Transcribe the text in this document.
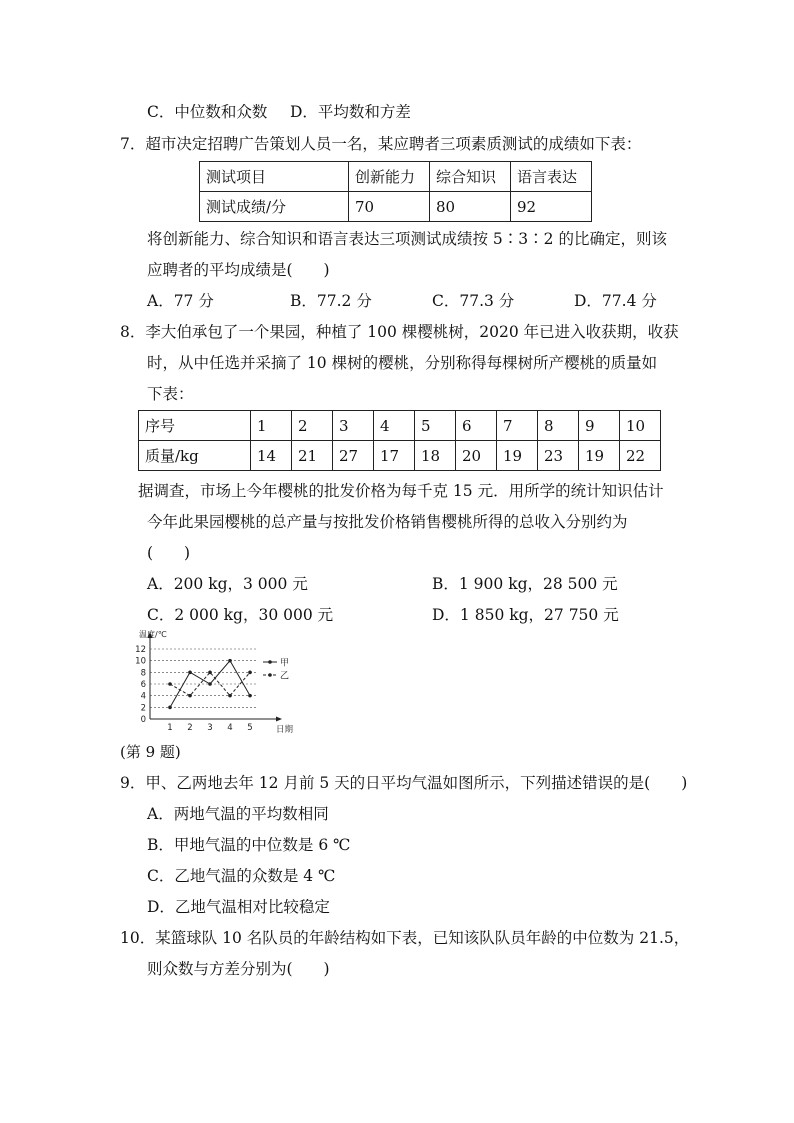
C．中位数和众数 D．平均数和方差
7．超市决定招聘广告策划人员一名，某应聘者三项素质测试的成绩如下表：
测试项目	创新能力	综合知识	语言表达
测试成绩/分	70	80	92
将创新能力、综合知识和语言表达三项测试成绩按 5∶3∶2 的比确定，则该
应聘者的平均成绩是(　　)
A．77 分	B．77.2 分	C．77.3 分	D．77.4 分
8．李大伯承包了一个果园，种植了 100 棵樱桃树，2020 年已进入收获期，收获
时，从中任选并采摘了 10 棵树的樱桃，分别称得每棵树所产樱桃的质量如
下表：
序号	1	2	3	4	5	6	7	8	9	10
质量/kg	14	21	27	17	18	20	19	23	19	22
据调查，市场上今年樱桃的批发价格为每千克 15 元．用所学的统计知识估计
今年此果园樱桃的总产量与按批发价格销售樱桃所得的总收入分别约为
(　　)
A．200 kg，3 000 元	B．1 900 kg，28 500 元
C．2 000 kg，30 000 元	D．1 850 kg，27 750 元
0
2
4
6
8
10
12
1 2 3 4 5
温度/℃
日期
甲
乙
(第 9 题)
9．甲、乙两地去年 12 月前 5 天的日平均气温如图所示，下列描述错误的是(　　)
A．两地气温的平均数相同
B．甲地气温的中位数是 6 ℃
C．乙地气温的众数是 4 ℃
D．乙地气温相对比较稳定
10．某篮球队 10 名队员的年龄结构如下表，已知该队队员年龄的中位数为 21.5，
则众数与方差分别为(　　)
